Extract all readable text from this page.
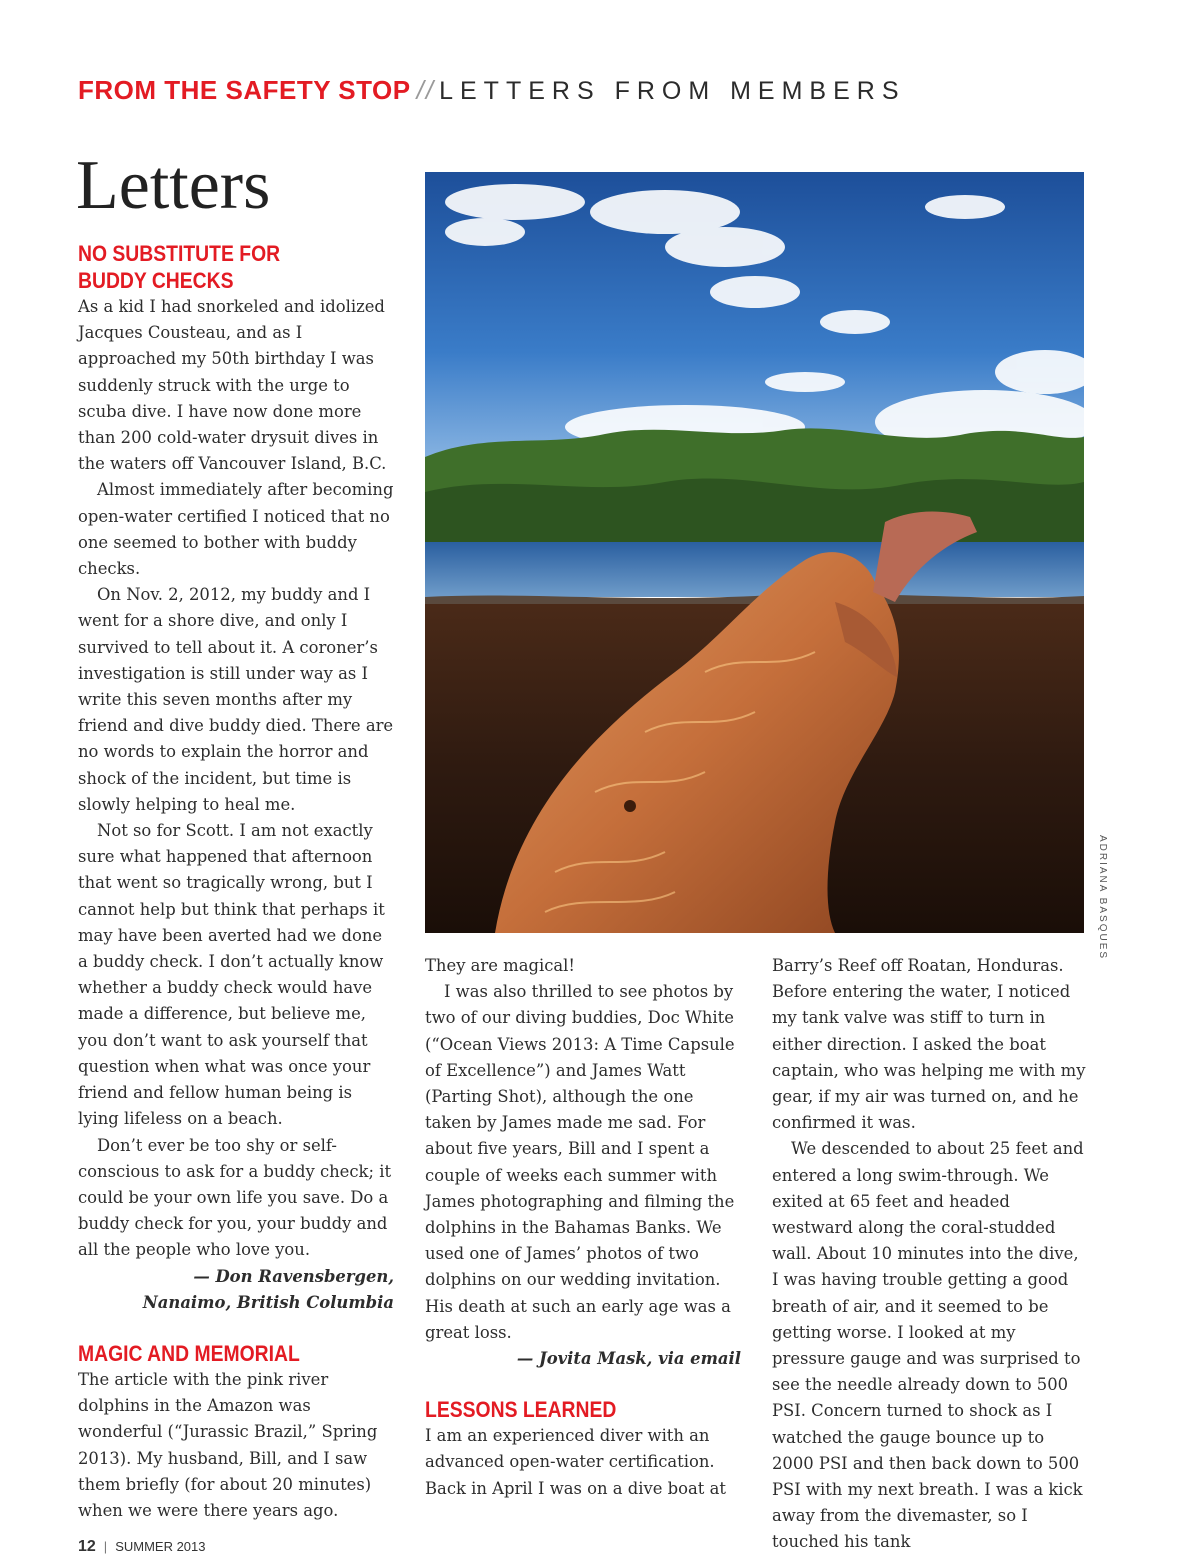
FROM THE SAFETY STOP // LETTERS FROM MEMBERS
Letters
NO SUBSTITUTE FOR
BUDDY CHECKS

As a kid I had snorkeled and idolized Jacques Cousteau, and as I approached my 50th birthday I was suddenly struck with the urge to scuba dive. I have now done more than 200 cold-water drysuit dives in the waters off Vancouver Island, B.C.

Almost immediately after becoming open-water certified I noticed that no one seemed to bother with buddy checks.

On Nov. 2, 2012, my buddy and I went for a shore dive, and only I survived to tell about it. A coroner’s investigation is still under way as I write this seven months after my friend and dive buddy died. There are no words to explain the horror and shock of the incident, but time is slowly helping to heal me.

Not so for Scott. I am not exactly sure what happened that afternoon that went so tragically wrong, but I cannot help but think that perhaps it may have been averted had we done a buddy check. I don’t actually know whether a buddy check would have made a difference, but believe me, you don’t want to ask yourself that question when what was once your friend and fellow human being is lying lifeless on a beach.

Don’t ever be too shy or self-conscious to ask for a buddy check; it could be your own life you save. Do a buddy check for you, your buddy and all the people who love you.

— Don Ravensbergen,

Nanaimo, British Columbia

MAGIC AND MEMORIAL

The article with the pink river dolphins in the Amazon was wonderful (“Jurassic Brazil,” Spring 2013). My husband, Bill, and I saw them briefly (for about 20 minutes) when we were there years ago.

ADRIANA BASQUES

They are magical!

I was also thrilled to see photos by two of our diving buddies, Doc White (“Ocean Views 2013: A Time Capsule of Excellence”) and James Watt (Parting Shot), although the one taken by James made me sad. For about five years, Bill and I spent a couple of weeks each summer with James photographing and filming the dolphins in the Bahamas Banks. We used one of James’ photos of two dolphins on our wedding invitation. His death at such an early age was a great loss.

— Jovita Mask, via email

LESSONS LEARNED

I am an experienced diver with an advanced open-water certification. Back in April I was on a dive boat at

Barry’s Reef off Roatan, Honduras. Before entering the water, I noticed my tank valve was stiff to turn in either direction. I asked the boat captain, who was helping me with my gear, if my air was turned on, and he confirmed it was.

We descended to about 25 feet and entered a long swim-through. We exited at 65 feet and headed westward along the coral-studded wall. About 10 minutes into the dive, I was having trouble getting a good breath of air, and it seemed to be getting worse. I looked at my pressure gauge and was surprised to see the needle already down to 500 PSI. Concern turned to shock as I watched the gauge bounce up to 2000 PSI and then back down to 500 PSI with my next breath. I was a kick away from the divemaster, so I touched his tank

12 | SUMMER 2013
